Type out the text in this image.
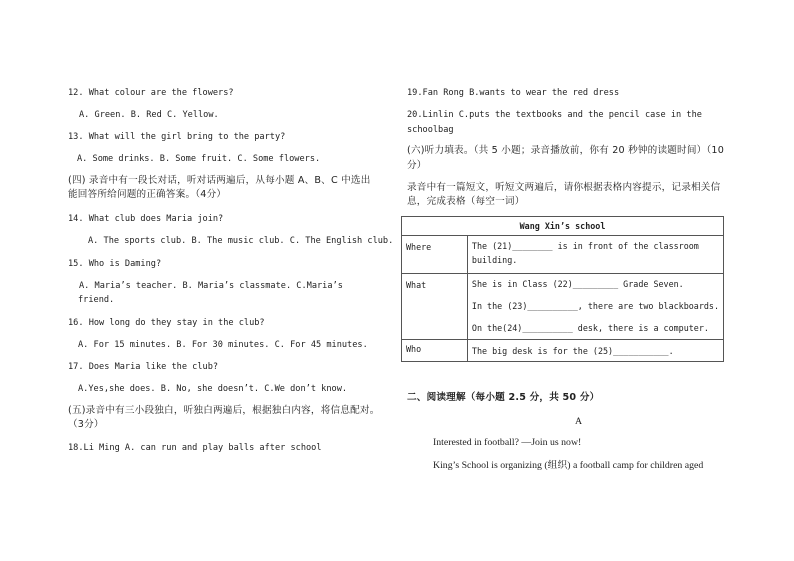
12. What colour are the flowers?
A. Green. B. Red C. Yellow.
13. What will the girl bring to the party?
A. Some drinks. B. Some fruit. C. Some flowers.
(四) 录音中有一段长对话，听对话两遍后，从每小题 A、B、C 中选出
能回答所给问题的正确答案。（4分）
14. What club does Maria join?
A. The sports club. B. The music club. C. The English club.
15. Who is Daming?
A. Maria’s teacher. B. Maria’s classmate. C.Maria’s
friend.
16. How long do they stay in the club?
A. For 15 minutes. B. For 30 minutes. C. For 45 minutes.
17. Does Maria like the club?
A.Yes,she does. B. No, she doesn’t. C.We don’t know.
(五)录音中有三小段独白，听独白两遍后，根据独白内容，将信息配对。
（3分）
18.Li Ming A. can run and play balls after school
19.Fan Rong B.wants to wear the red dress
20.Linlin C.puts the textbooks and the pencil case in the
schoolbag
(六)听力填表。（共 5 小题；录音播放前，你有 20 秒钟的读题时间）（10
分）
录音中有一篇短文，听短文两遍后，请你根据表格内容提示，记录相关信
息，完成表格（每空一词）
Wang Xin’s school	
Where	The (21)________ is in front of the classroom
building.

What	She is in Class (22)_________ Grade Seven.
In the (23)__________, there are two blackboards.
On the(24)__________ desk, there is a computer.

Who	The big desk is for the (25)___________.
二、阅读理解（每小题 2.5 分，共 50 分）
A
Interested in football? —Join us now!
King’s School is organizing (组织) a football camp for children aged
